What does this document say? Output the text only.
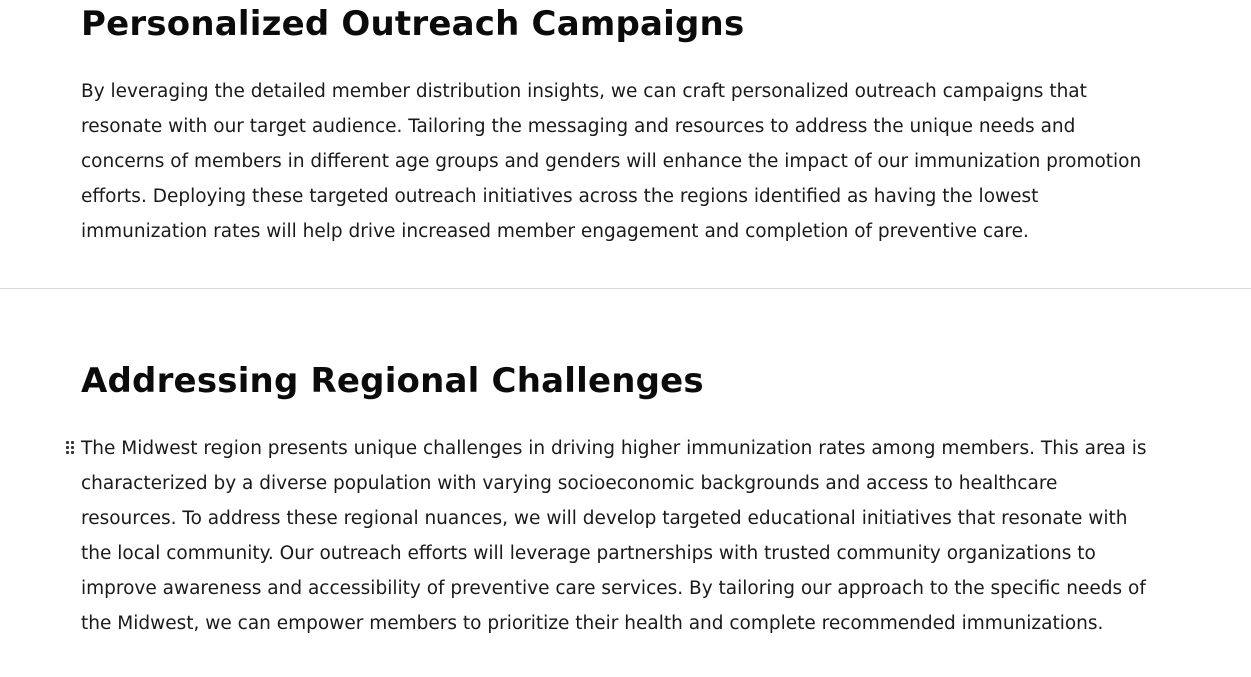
Personalized Outreach Campaigns

By leveraging the detailed member distribution insights, we can craft personalized outreach campaigns that resonate with our target audience. Tailoring the messaging and resources to address the unique needs and concerns of members in different age groups and genders will enhance the impact of our immunization promotion efforts. Deploying these targeted outreach initiatives across the regions identified as having the lowest immunization rates will help drive increased member engagement and completion of preventive care.

Addressing Regional Challenges

The Midwest region presents unique challenges in driving higher immunization rates among members. This area is characterized by a diverse population with varying socioeconomic backgrounds and access to healthcare resources. To address these regional nuances, we will develop targeted educational initiatives that resonate with the local community. Our outreach efforts will leverage partnerships with trusted community organizations to improve awareness and accessibility of preventive care services. By tailoring our approach to the specific needs of the Midwest, we can empower members to prioritize their health and complete recommended immunizations.
